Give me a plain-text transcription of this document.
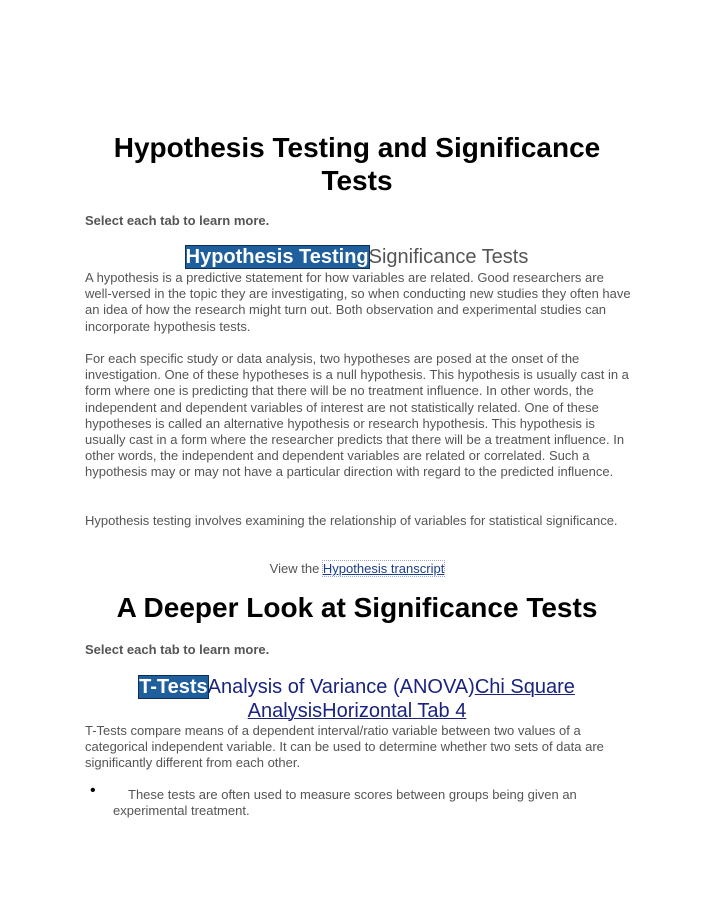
Hypothesis Testing and Significance Tests

Select each tab to learn more.

Hypothesis TestingSignificance Tests

A hypothesis is a predictive statement for how variables are related. Good researchers are well-versed in the topic they are investigating, so when conducting new studies they often have an idea of how the research might turn out. Both observation and experimental studies can incorporate hypothesis tests.

For each specific study or data analysis, two hypotheses are posed at the onset of the investigation. One of these hypotheses is a null hypothesis. This hypothesis is usually cast in a form where one is predicting that there will be no treatment influence. In other words, the independent and dependent variables of interest are not statistically related. One of these hypotheses is called an alternative hypothesis or research hypothesis. This hypothesis is usually cast in a form where the researcher predicts that there will be a treatment influence. In other words, the independent and dependent variables are related or correlated. Such a hypothesis may or may not have a particular direction with regard to the predicted influence.

Hypothesis testing involves examining the relationship of variables for statistical significance.

View the Hypothesis transcript
A Deeper Look at Significance Tests

Select each tab to learn more.

T-TestsAnalysis of Variance (ANOVA)Chi Square AnalysisHorizontal Tab 4

T-Tests compare means of a dependent interval/ratio variable between two values of a categorical independent variable. It can be used to determine whether two sets of data are significantly different from each other.

•	These tests are often used to measure scores between groups being given an experimental treatment.
